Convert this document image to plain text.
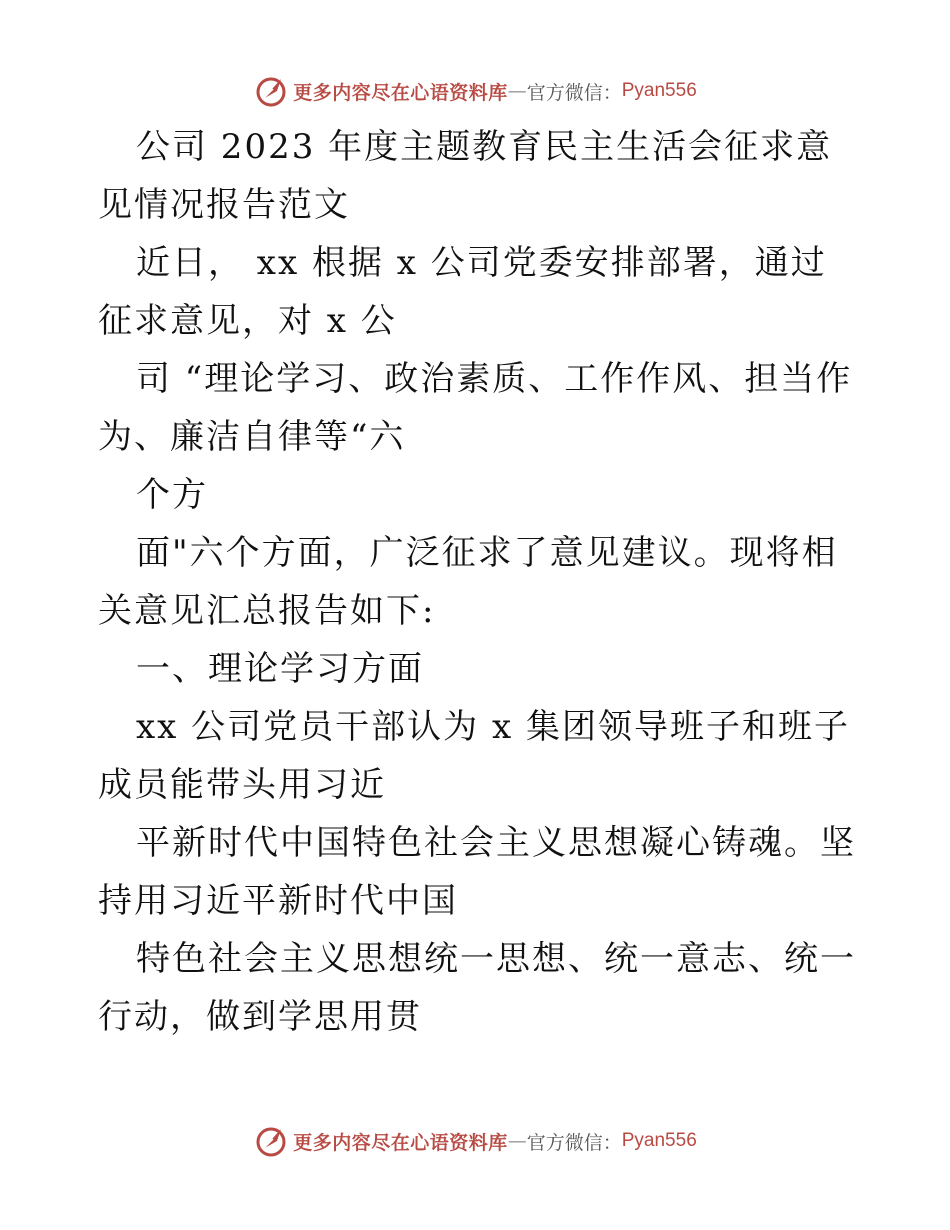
更多内容尽在心语资料库 — 官方微信： Pyan556

公司 2023 年度主题教育民主生活会征求意见情况报告范文

近日， xx 根据 x 公司党委安排部署，通过征求意见，对 x 公

司 “理论学习、政治素质、工作作风、担当作为、廉洁自律等“六

个方

面"六个方面，广泛征求了意见建议。现将相关意见汇总报告如下:

一、理论学习方面

xx 公司党员干部认为 x 集团领导班子和班子成员能带头用习近

平新时代中国特色社会主义思想凝心铸魂。坚持用习近平新时代中国

特色社会主义思想统一思想、统一意志、统一行动，做到学思用贯

更多内容尽在心语资料库 — 官方微信： Pyan556
